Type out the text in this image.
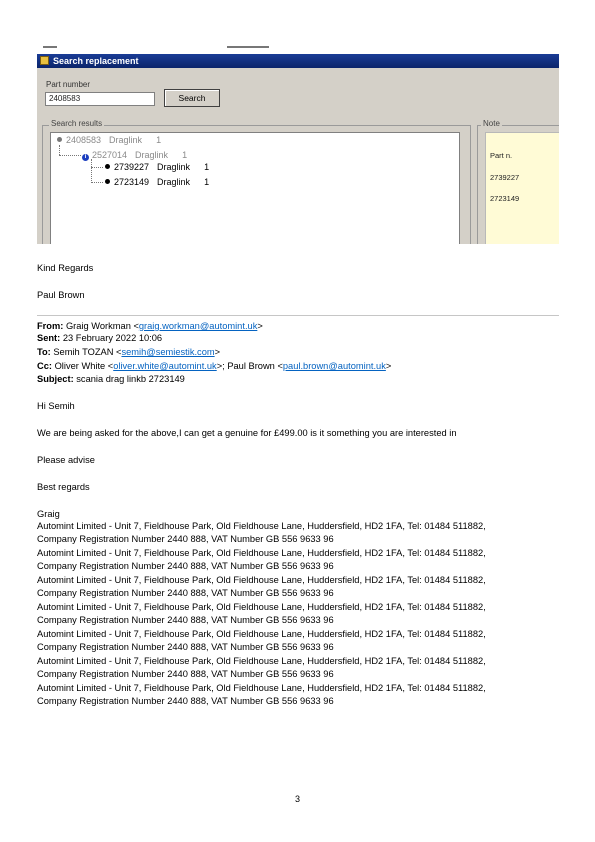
Search replacement
Part number
2408583	Search
Search results
2408583 Draglink 1
i 2527014 Draglink 1
2739227 Draglink 1
2723149 Draglink 1
Note
Part n.
2739227
2723149
Kind Regards
Paul Brown
From: Graig Workman <graig.workman@automint.uk>
Sent: 23 February 2022 10:06
To: Semih TOZAN <semih@semiestik.com>
Cc: Oliver White <oliver.white@automint.uk>; Paul Brown <paul.brown@automint.uk>
Subject: scania drag linkb 2723149
Hi Semih
We are being asked for the above,I can get a genuine for £499.00 is it something you are interested in
Please advise
Best regards
Graig
Automint Limited - Unit 7, Fieldhouse Park, Old Fieldhouse Lane, Huddersfield, HD2 1FA, Tel: 01484 511882,
Company Registration Number 2440 888, VAT Number GB 556 9633 96
Automint Limited - Unit 7, Fieldhouse Park, Old Fieldhouse Lane, Huddersfield, HD2 1FA, Tel: 01484 511882,
Company Registration Number 2440 888, VAT Number GB 556 9633 96
Automint Limited - Unit 7, Fieldhouse Park, Old Fieldhouse Lane, Huddersfield, HD2 1FA, Tel: 01484 511882,
Company Registration Number 2440 888, VAT Number GB 556 9633 96
Automint Limited - Unit 7, Fieldhouse Park, Old Fieldhouse Lane, Huddersfield, HD2 1FA, Tel: 01484 511882,
Company Registration Number 2440 888, VAT Number GB 556 9633 96
Automint Limited - Unit 7, Fieldhouse Park, Old Fieldhouse Lane, Huddersfield, HD2 1FA, Tel: 01484 511882,
Company Registration Number 2440 888, VAT Number GB 556 9633 96
Automint Limited - Unit 7, Fieldhouse Park, Old Fieldhouse Lane, Huddersfield, HD2 1FA, Tel: 01484 511882,
Company Registration Number 2440 888, VAT Number GB 556 9633 96
Automint Limited - Unit 7, Fieldhouse Park, Old Fieldhouse Lane, Huddersfield, HD2 1FA, Tel: 01484 511882,
Company Registration Number 2440 888, VAT Number GB 556 9633 96
3
